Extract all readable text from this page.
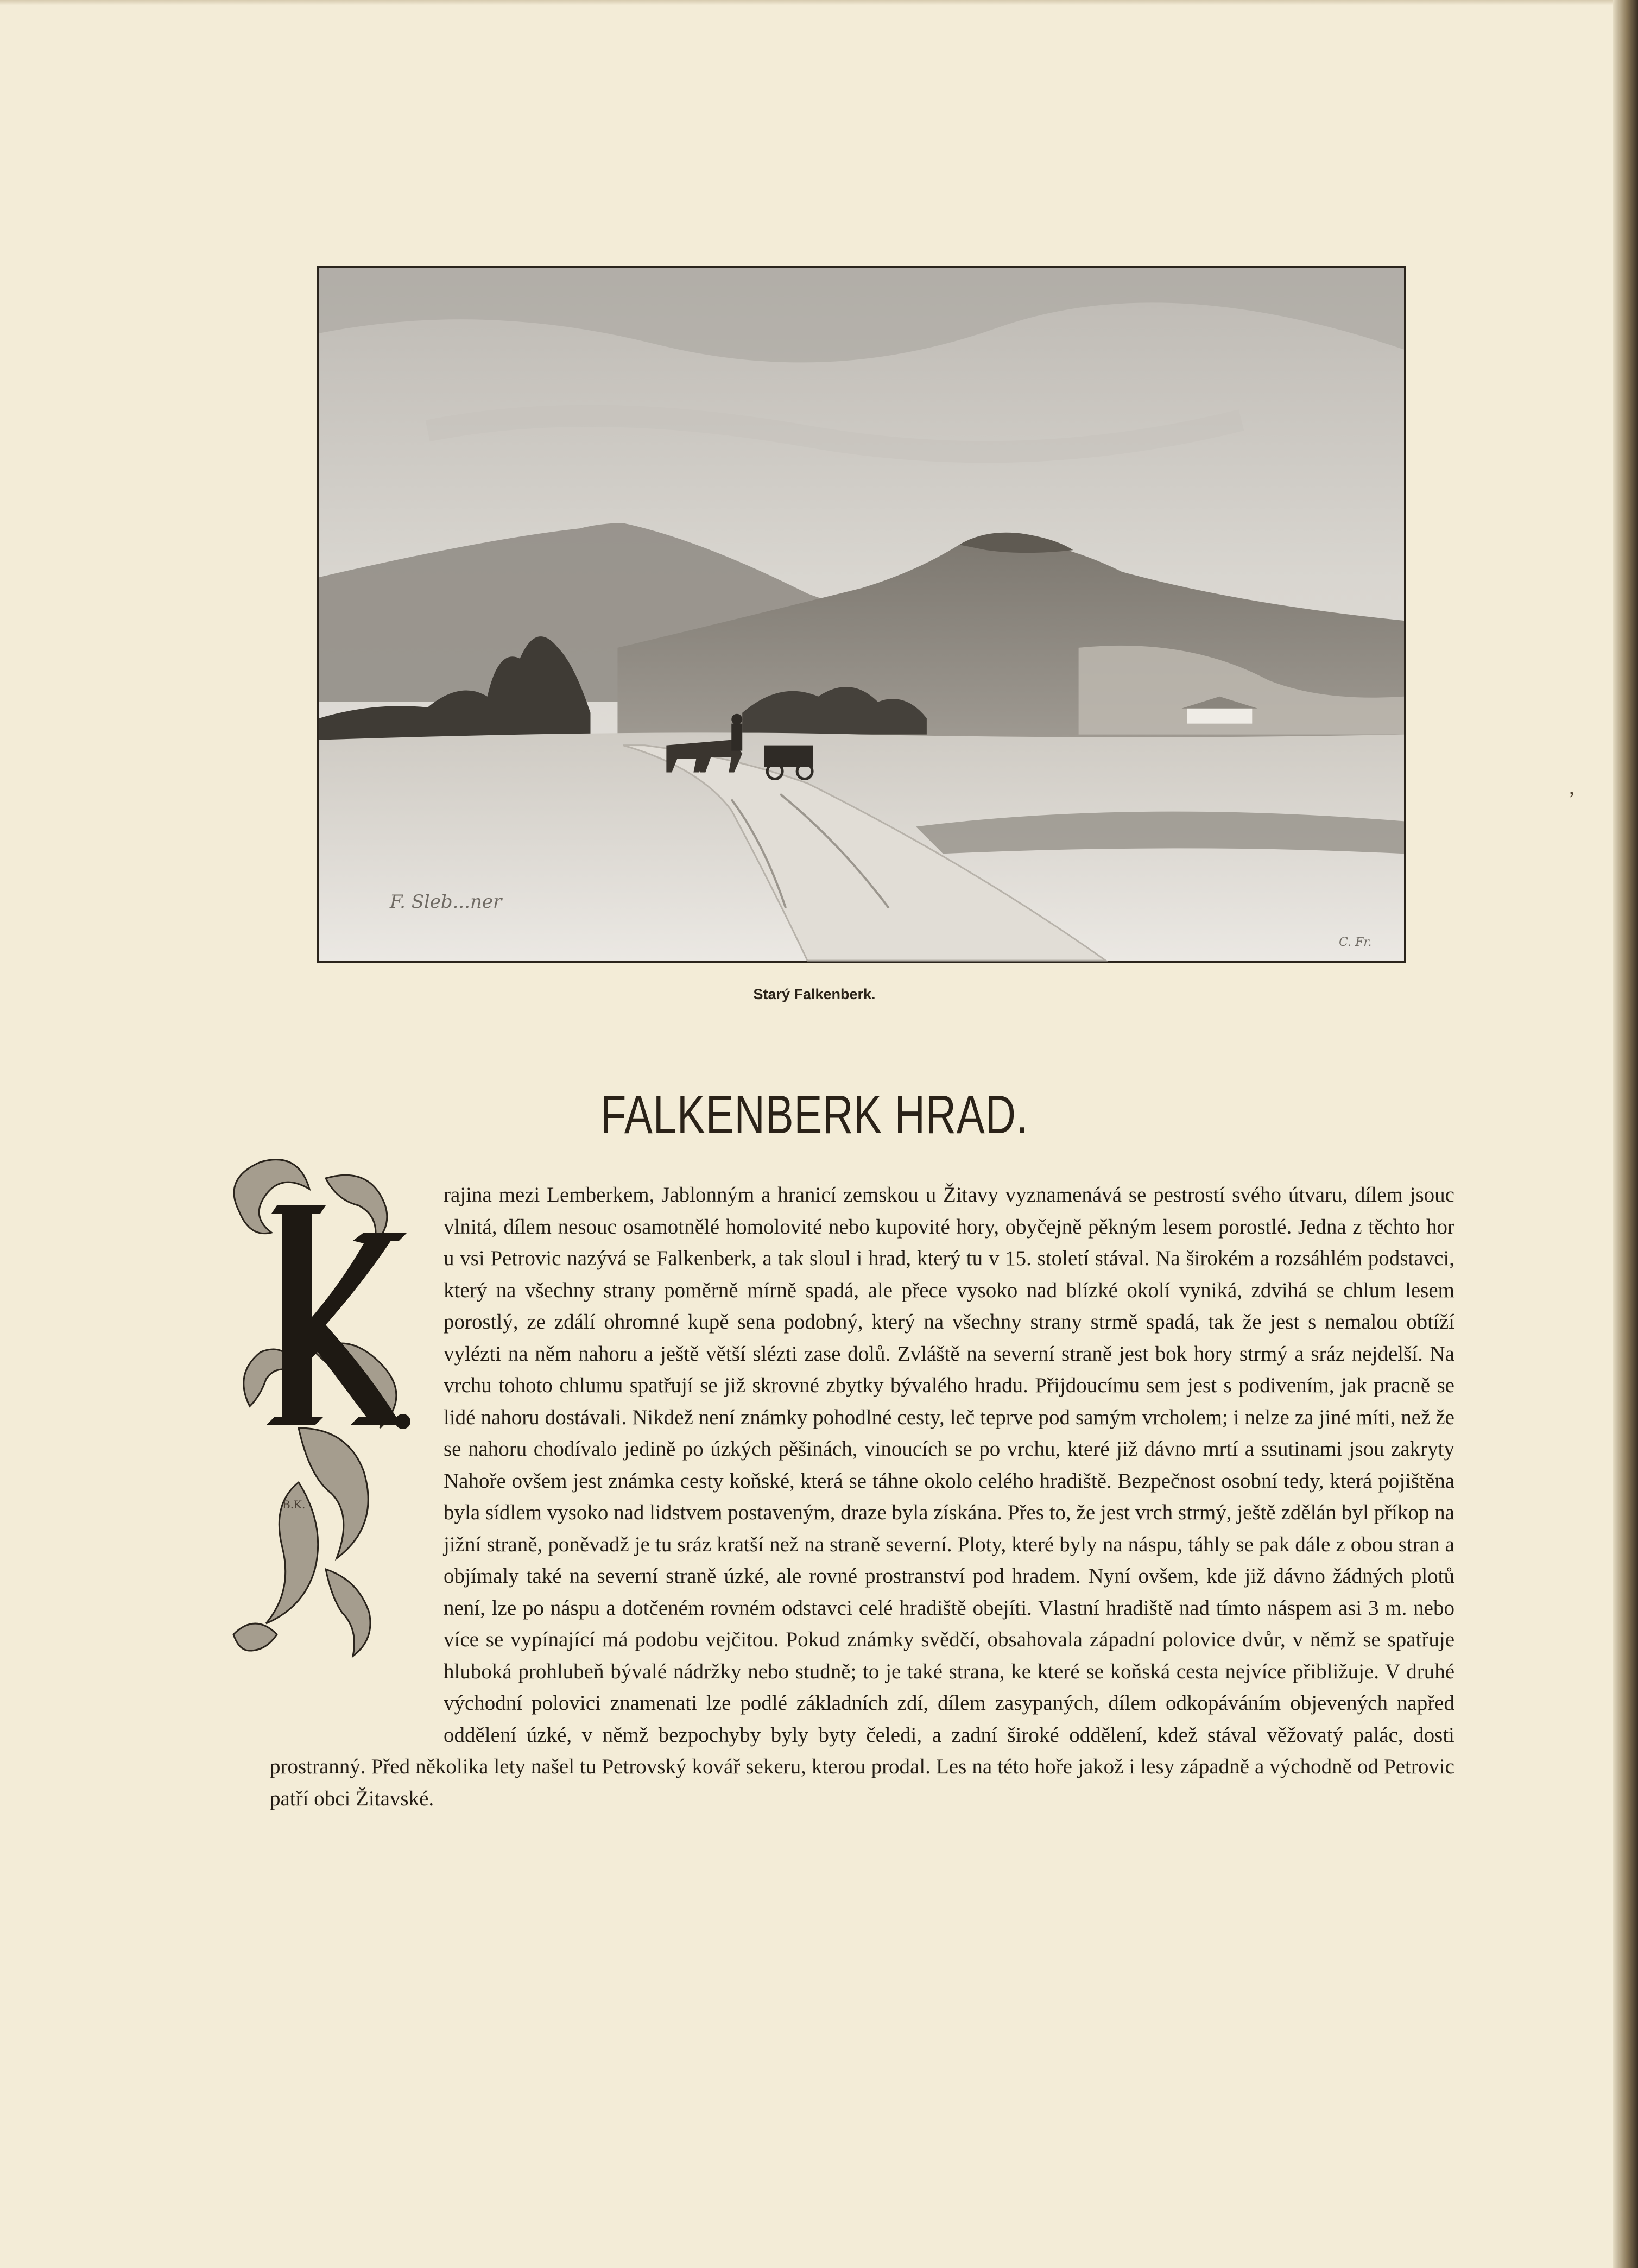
F. Sleb...ner
C. Fr.
Starý Falkenberk.
FALKENBERK HRAD.
B.K.
K

rajina mezi Lemberkem, Jablonným a hranicí zemskou u Žitavy vyznamenává se pestrostí svého útvaru, dílem jsouc vlnitá, dílem nesouc osamotnělé homolovité nebo kupovité hory, obyčejně pěkným lesem porostlé. Jedna z těchto hor u vsi Petrovic nazývá se Falkenberk, a tak sloul i hrad, který tu v 15. století stával. Na širokém a rozsáhlém podstavci, který na všechny strany poměrně mírně spadá, ale přece vysoko nad blízké okolí vyniká, zdvihá se chlum lesem porostlý, ze zdálí ohromné kupě sena podobný, který na všechny strany strmě spadá, tak že jest s nemalou obtíží vylézti na něm nahoru a ještě větší slézti zase dolů. Zvláště na severní straně jest bok hory strmý a sráz nejdelší. Na vrchu tohoto chlumu spatřují se již skrovné zbytky bývalého hradu. Přijdoucímu sem jest s podivením, jak pracně se lidé nahoru dostávali. Nikdež není známky pohodlné cesty, leč teprve pod samým vrcholem; i nelze za jiné míti, než že se nahoru chodívalo jedině po úzkých pěšinách, vinoucích se po vrchu, které již dávno mrtí a ssutinami jsou zakryty Nahoře ovšem jest známka cesty koňské, která se táhne okolo celého hradiště. Bezpečnost osobní tedy, která pojištěna byla sídlem vysoko nad lidstvem postaveným, draze byla získána. Přes to, že jest vrch strmý, ještě zdělán byl příkop na jižní straně, poněvadž je tu sráz kratší než na straně severní. Ploty, které byly na náspu, táhly se pak dále z obou stran a objímaly také na severní straně úzké, ale rovné prostranství pod hradem. Nyní ovšem, kde již dávno žádných plotů není, lze po náspu a dotčeném rovném odstavci celé hradiště obejíti. Vlastní hradiště nad tímto náspem asi 3 m. nebo více se vypínající má podobu vejčitou. Pokud známky svědčí, obsahovala západní polovice dvůr, v němž se spatřuje hluboká prohlubeň bývalé nádržky nebo studně; to je také strana, ke které se koňská cesta nejvíce přibližuje. V druhé východní polovici znamenati lze podlé základních zdí, dílem zasypaných, dílem odkopáváním objevených napřed oddělení úzké, v němž bezpochyby byly byty čeledi, a zadní široké oddělení, kdež stával věžovatý palác, dosti prostranný. Před několika lety našel tu Petrovský kovář sekeru, kterou prodal. Les na této hoře jakož i lesy západně a východně od Petrovic patří obci Žitavské.

’
